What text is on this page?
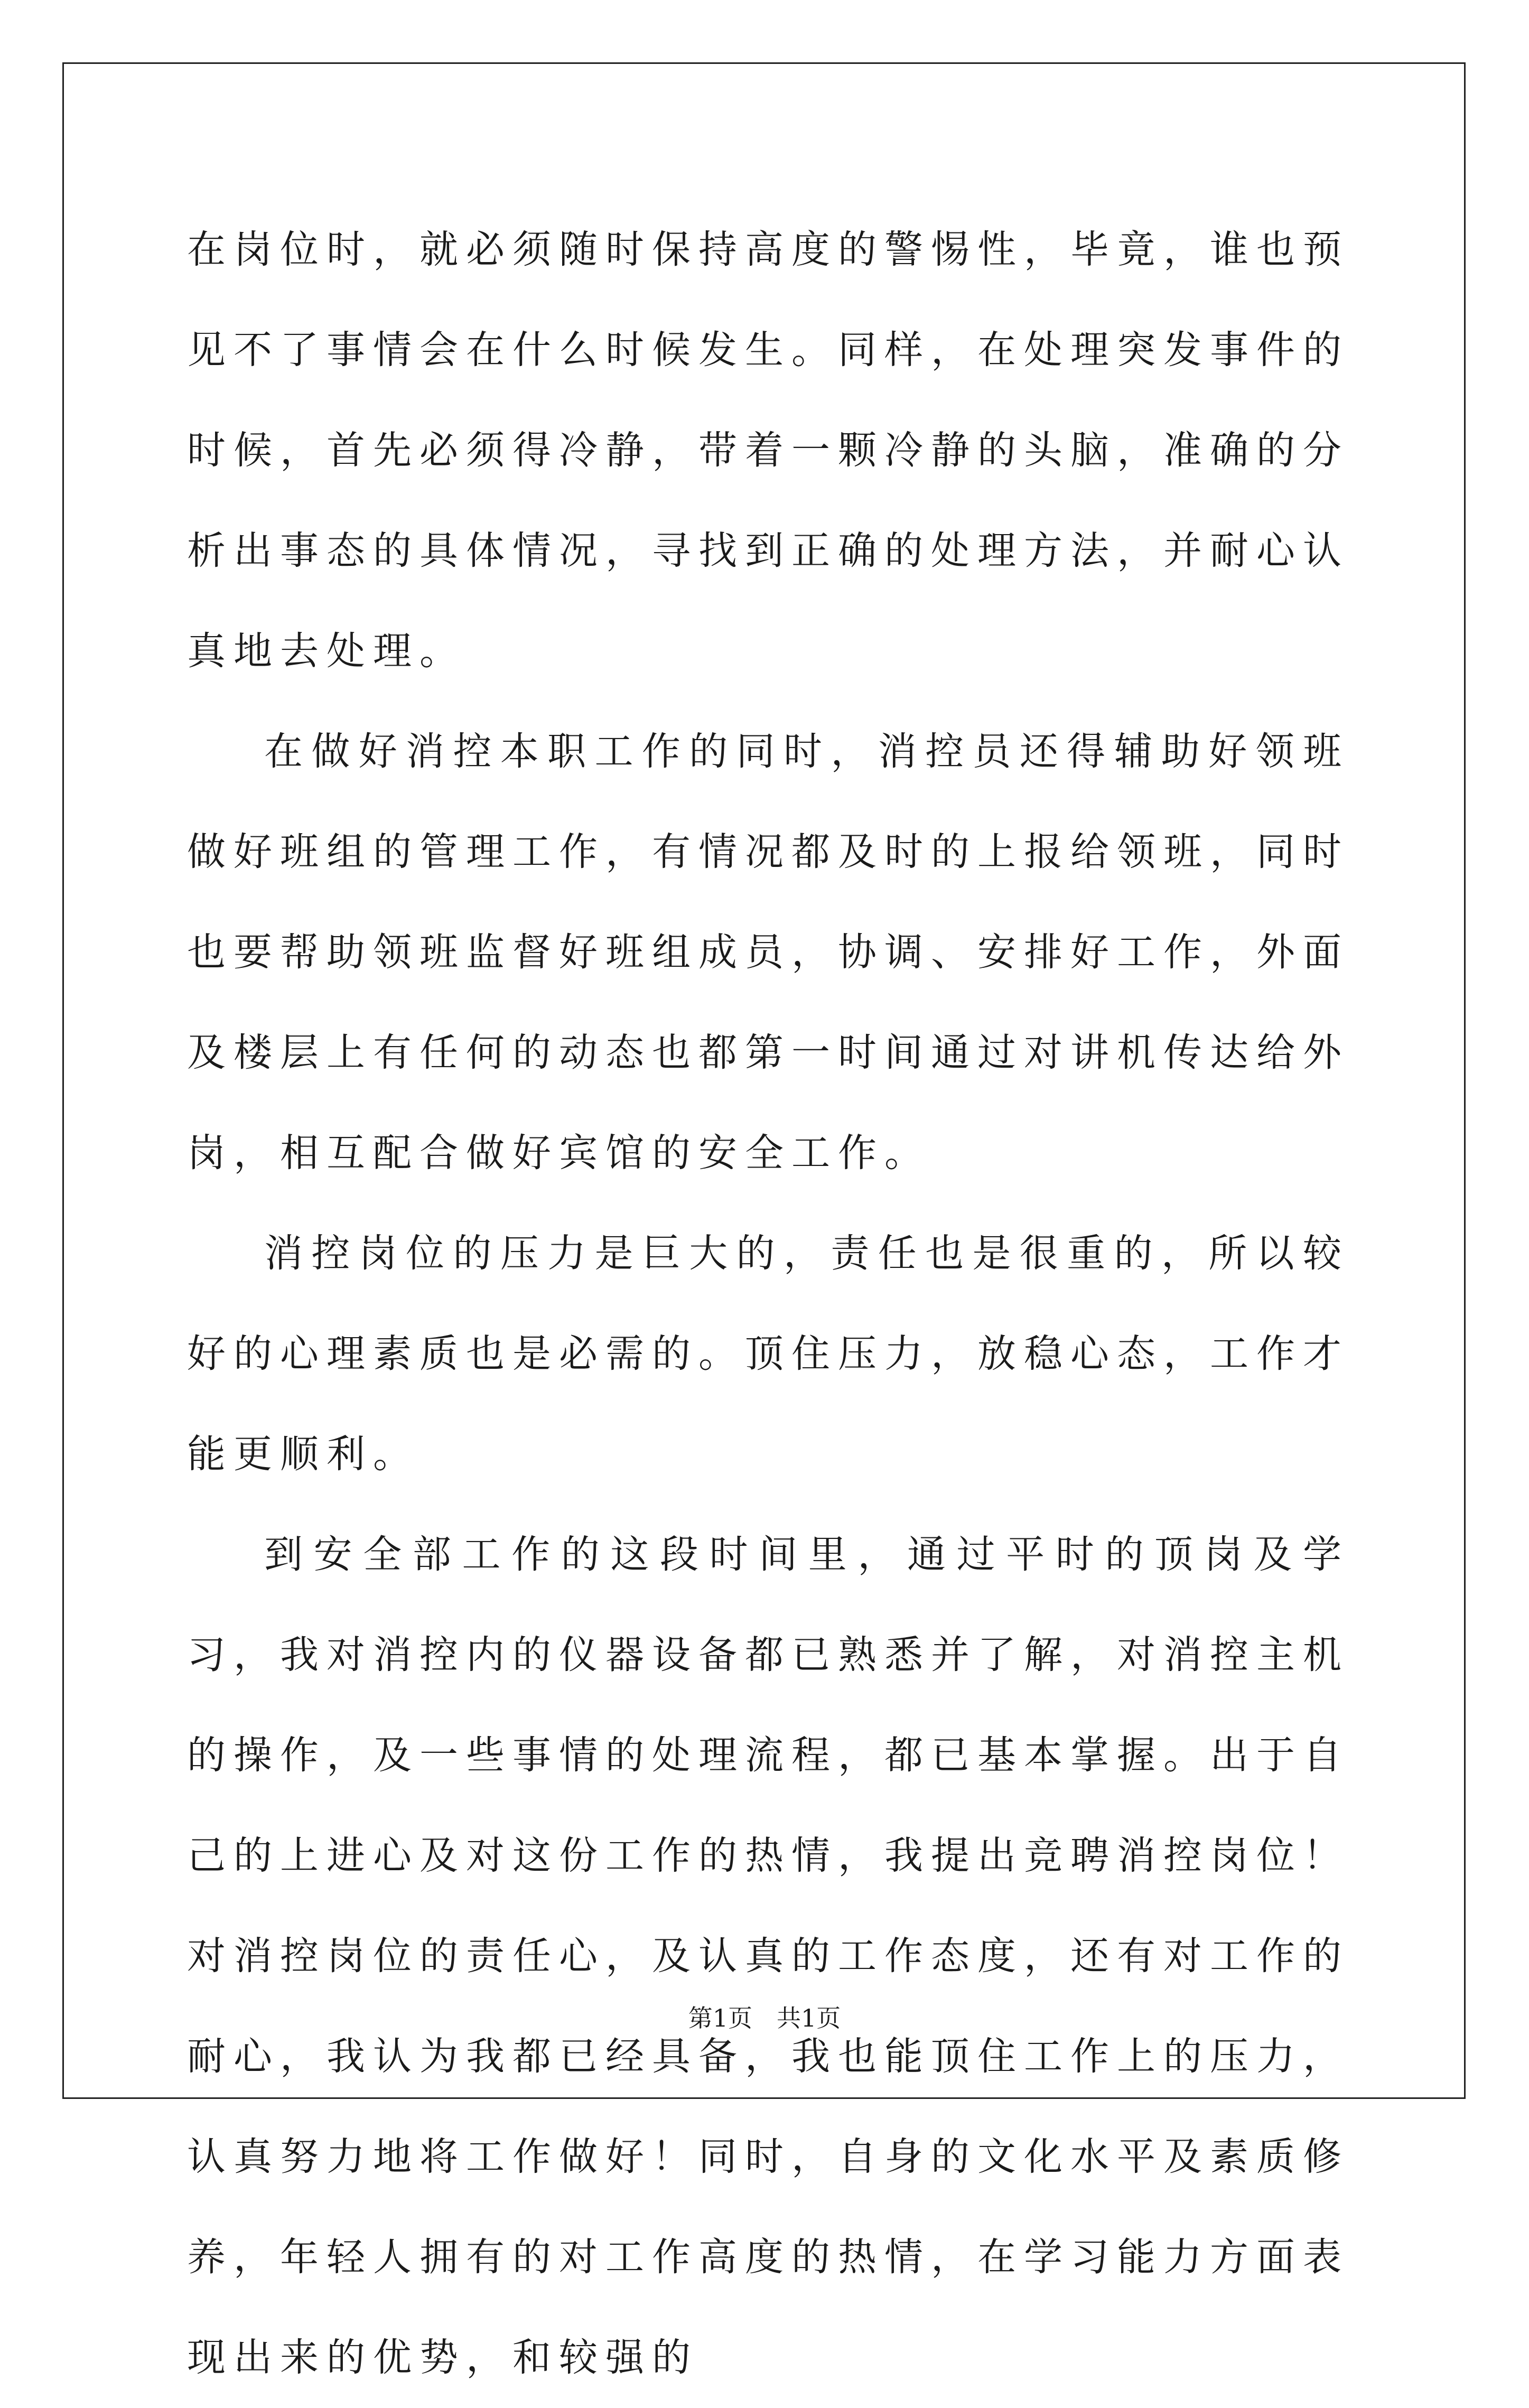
在岗位时，就必须随时保持高度的警惕性，毕竟，谁也预见不了事情会在什么时候发生。同样，在处理突发事件的时候，首先必须得冷静，带着一颗冷静的头脑，准确的分析出事态的具体情况，寻找到正确的处理方法，并耐心认真地去处理。

在做好消控本职工作的同时，消控员还得辅助好领班做好班组的管理工作，有情况都及时的上报给领班，同时也要帮助领班监督好班组成员，协调、安排好工作，外面及楼层上有任何的动态也都第一时间通过对讲机传达给外岗，相互配合做好宾馆的安全工作。

消控岗位的压力是巨大的，责任也是很重的，所以较好的心理素质也是必需的。顶住压力，放稳心态，工作才能更顺利。

到安全部工作的这段时间里，通过平时的顶岗及学习，我对消控内的仪器设备都已熟悉并了解，对消控主机的操作，及一些事情的处理流程，都已基本掌握。出于自己的上进心及对这份工作的热情，我提出竞聘消控岗位！对消控岗位的责任心，及认真的工作态度，还有对工作的耐心，我认为我都已经具备，我也能顶住工作上的压力，认真努力地将工作做好！同时，自身的文化水平及素质修养，年轻人拥有的对工作高度的热情，在学习能力方面表现出来的优势，和较强的

第1页　共1页
